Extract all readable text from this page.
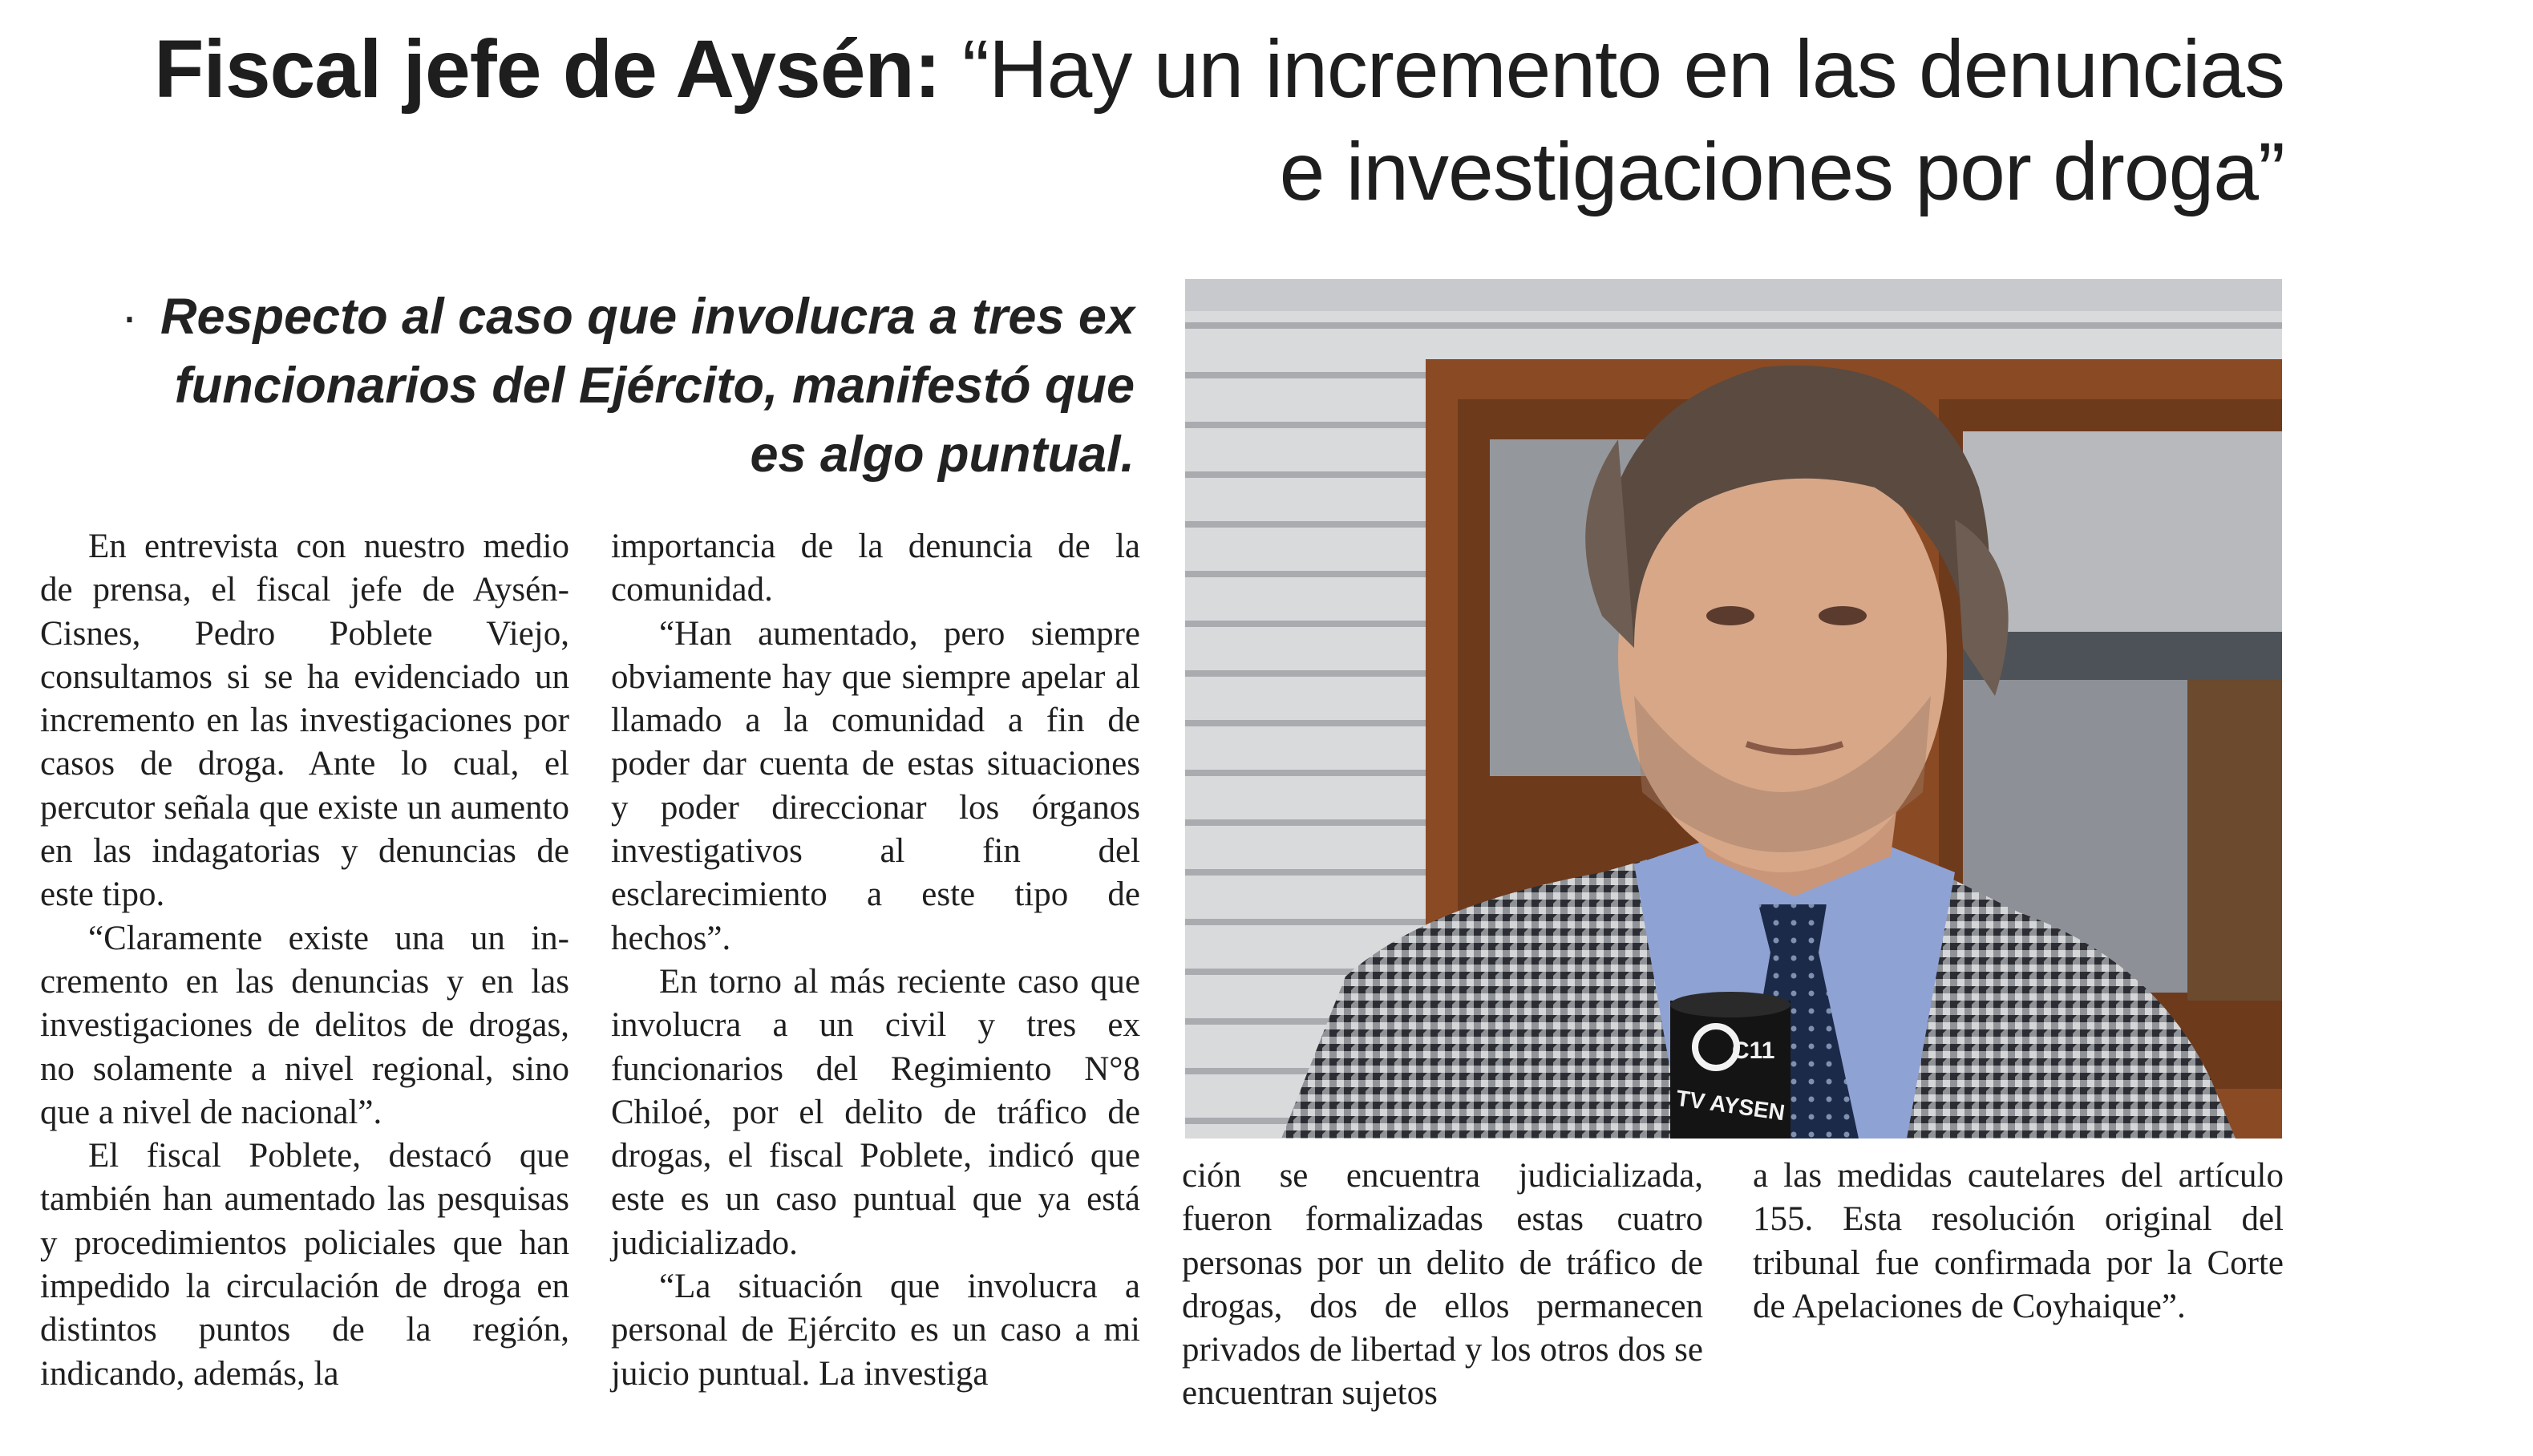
Fiscal jefe de Aysén: “Hay un incremento en las denuncias e investigaciones por droga”
· Respecto al caso que involucra a tres ex funcionarios del Ejército, manifestó que es algo puntual.

En entrevista con nuestro medio de prensa, el fiscal jefe de Aysén-Cisnes, Pedro Poblete Viejo, consultamos si se ha evidenciado un incremento en las investigaciones por casos de droga. Ante lo cual, el percutor señala que existe un aumento en las indagatorias y denuncias de este tipo.

“Claramente existe una un incremento en las denuncias y en las investigaciones de delitos de drogas, no solamente a nivel regional, sino que a nivel de nacional”.

El fiscal Poblete, destacó que también han aumentado las pesquisas y procedimientos policiales que han impedido la circulación de droga en distintos puntos de la región, indicando, además, la

importancia de la denuncia de la comunidad.

“Han aumentado, pero siempre obviamente hay que siempre apelar al llamado a la comunidad a fin de poder dar cuenta de estas situaciones y poder direccionar los órganos investigativos al fin del esclarecimiento a este tipo de hechos”.

En torno al más reciente caso que involucra a un civil y tres ex funcionarios del Regimiento N°8 Chiloé, por el delito de tráfico de drogas, el fiscal Poblete, indicó que este es un caso puntual que ya está judicializado.

“La situación que involucra a personal de Ejército es un caso a mi juicio puntual. La investiga

C11
TV AYSEN

ción se encuentra judicializada, fueron formalizadas estas cuatro personas por un delito de tráfico de drogas, dos de ellos permanecen privados de libertad y los otros dos se encuentran sujetos

a las medidas cautelares del artículo 155. Esta resolución original del tribunal fue confirmada por la Corte de Apelaciones de Coyhaique”.
